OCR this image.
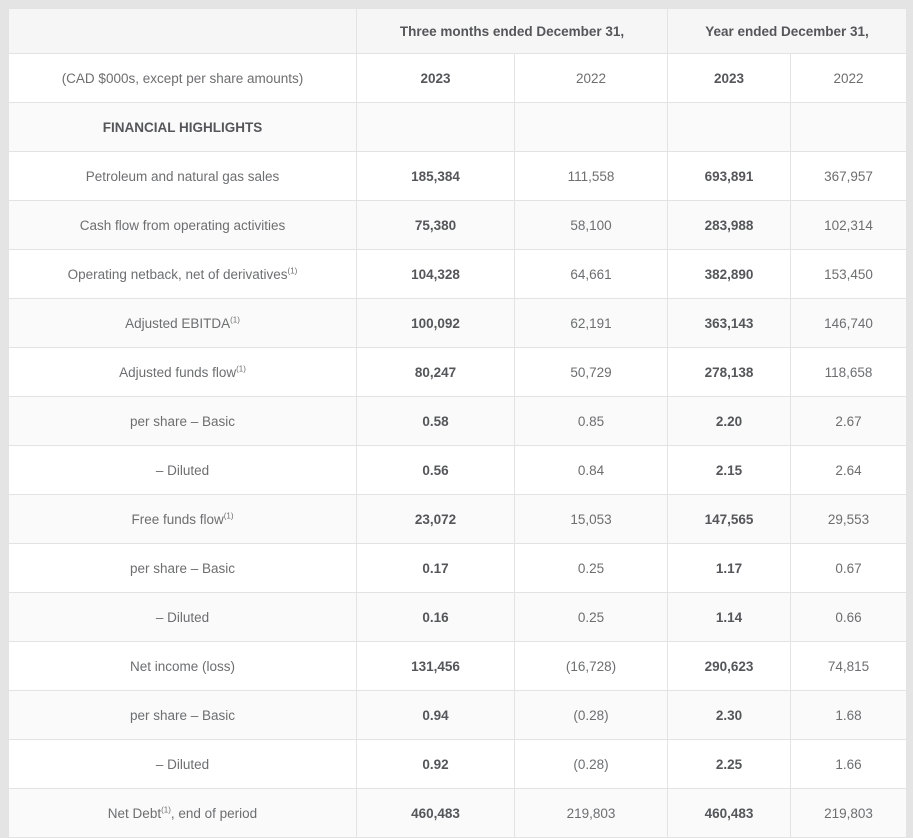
	Three months ended December 31,		Year ended December 31,	
(CAD $000s, except per share amounts)	2023	2022	2023	2022
FINANCIAL HIGHLIGHTS				
Petroleum and natural gas sales	185,384	111,558	693,891	367,957
Cash flow from operating activities	75,380	58,100	283,988	102,314
Operating netback, net of derivatives$^{(1)}$	104,328	64,661	382,890	153,450
Adjusted EBITDA$^{(1)}$	100,092	62,191	363,143	146,740
Adjusted funds flow$^{(1)}$	80,247	50,729	278,138	118,658
per share – Basic	0.58	0.85	2.20	2.67
– Diluted	0.56	0.84	2.15	2.64
Free funds flow$^{(1)}$	23,072	15,053	147,565	29,553
per share – Basic	0.17	0.25	1.17	0.67
– Diluted	0.16	0.25	1.14	0.66
Net income (loss)	131,456	(16,728)	290,623	74,815
per share – Basic	0.94	(0.28)	2.30	1.68
– Diluted	0.92	(0.28)	2.25	1.66
Net Debt$^{(1)}$, end of period	460,483	219,803	460,483	219,803
